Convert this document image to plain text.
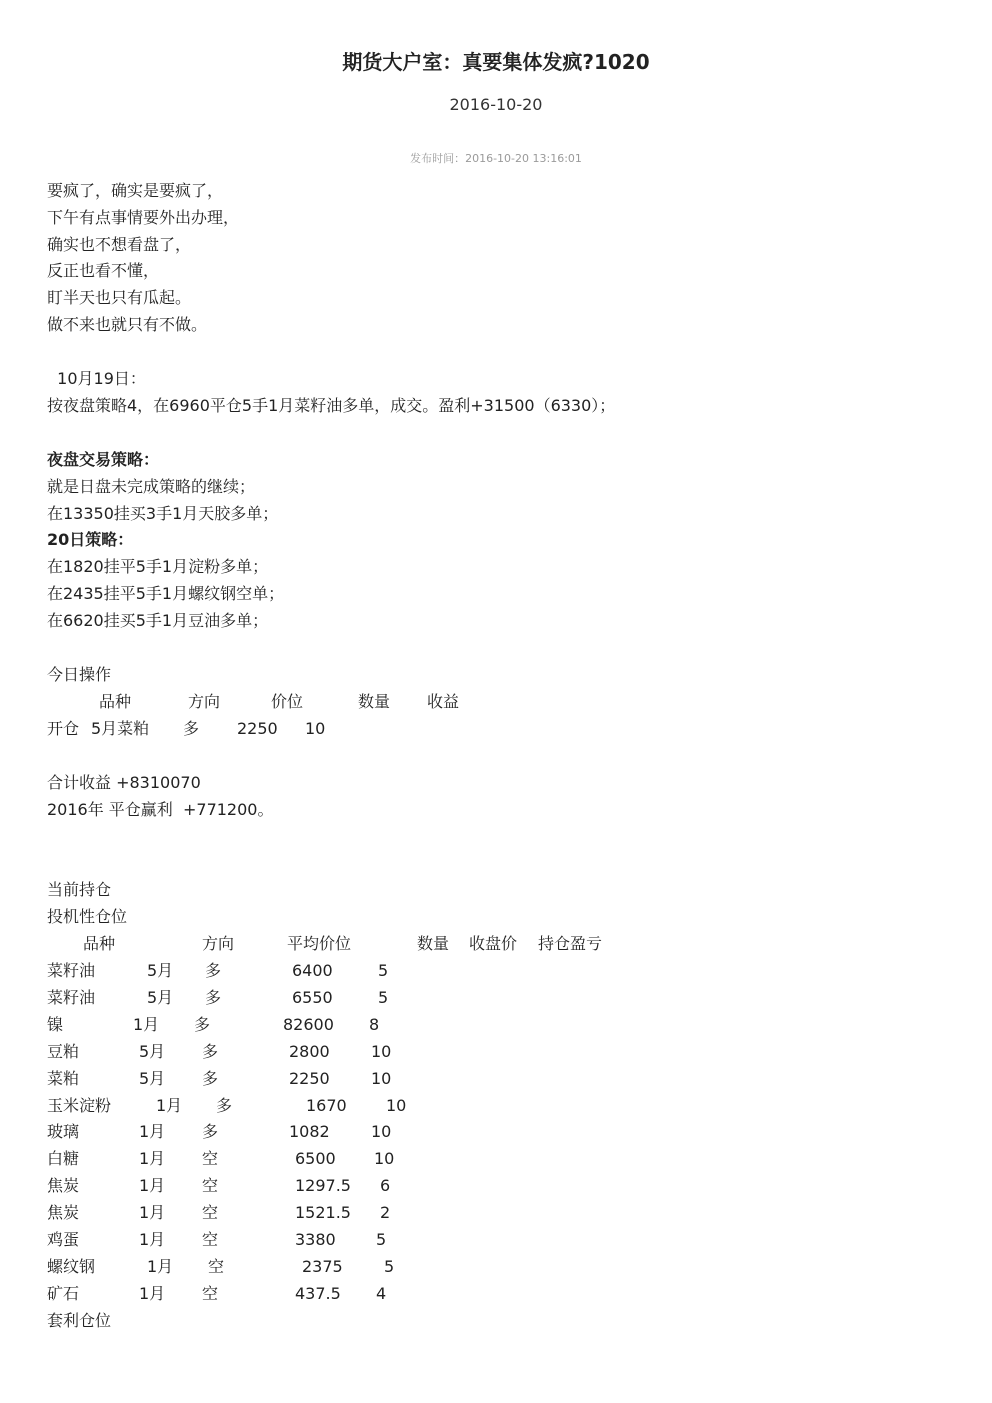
期货大户室：真要集体发疯?1020
2016-10-20
发布时间：2016-10-20 13:16:01
要疯了，确实是要疯了，
下午有点事情要外出办理，
确实也不想看盘了，
反正也看不懂，
盯半天也只有瓜起。
做不来也就只有不做。
10月19日：
按夜盘策略4，在6960平仓5手1月菜籽油多单，成交。盈利+31500（6330）；
夜盘交易策略：
就是日盘未完成策略的继续；
在13350挂买3手1月天胶多单；
20日策略：
在1820挂平5手1月淀粉多单；
在2435挂平5手1月螺纹钢空单；
在6620挂买5手1月豆油多单；
今日操作
品种	方向	价位	数量 收益
开仓 5月菜粕 多 2250 10
合计收益 +8310070
2016年 平仓赢利  +771200。
当前持仓
投机性仓位
品种	方向	平均价位	数量 收盘价 持仓盈亏
菜籽油	5月 多	6400	5
菜籽油	5月 多	6550	5
镍	1月 多	82600 8
豆粕	5月 多	2800	10
菜粕	5月 多	2250	10
玉米淀粉	1月 多	1670 10
玻璃	1月 多	1082	10
白糖	1月 空	6500 10
焦炭	1月 空	1297.5 6
焦炭	1月 空	1521.5 2
鸡蛋	1月 空	3380	5
螺纹钢	1月 空	2375	5
矿石	1月 空	437.5 4
套利仓位
